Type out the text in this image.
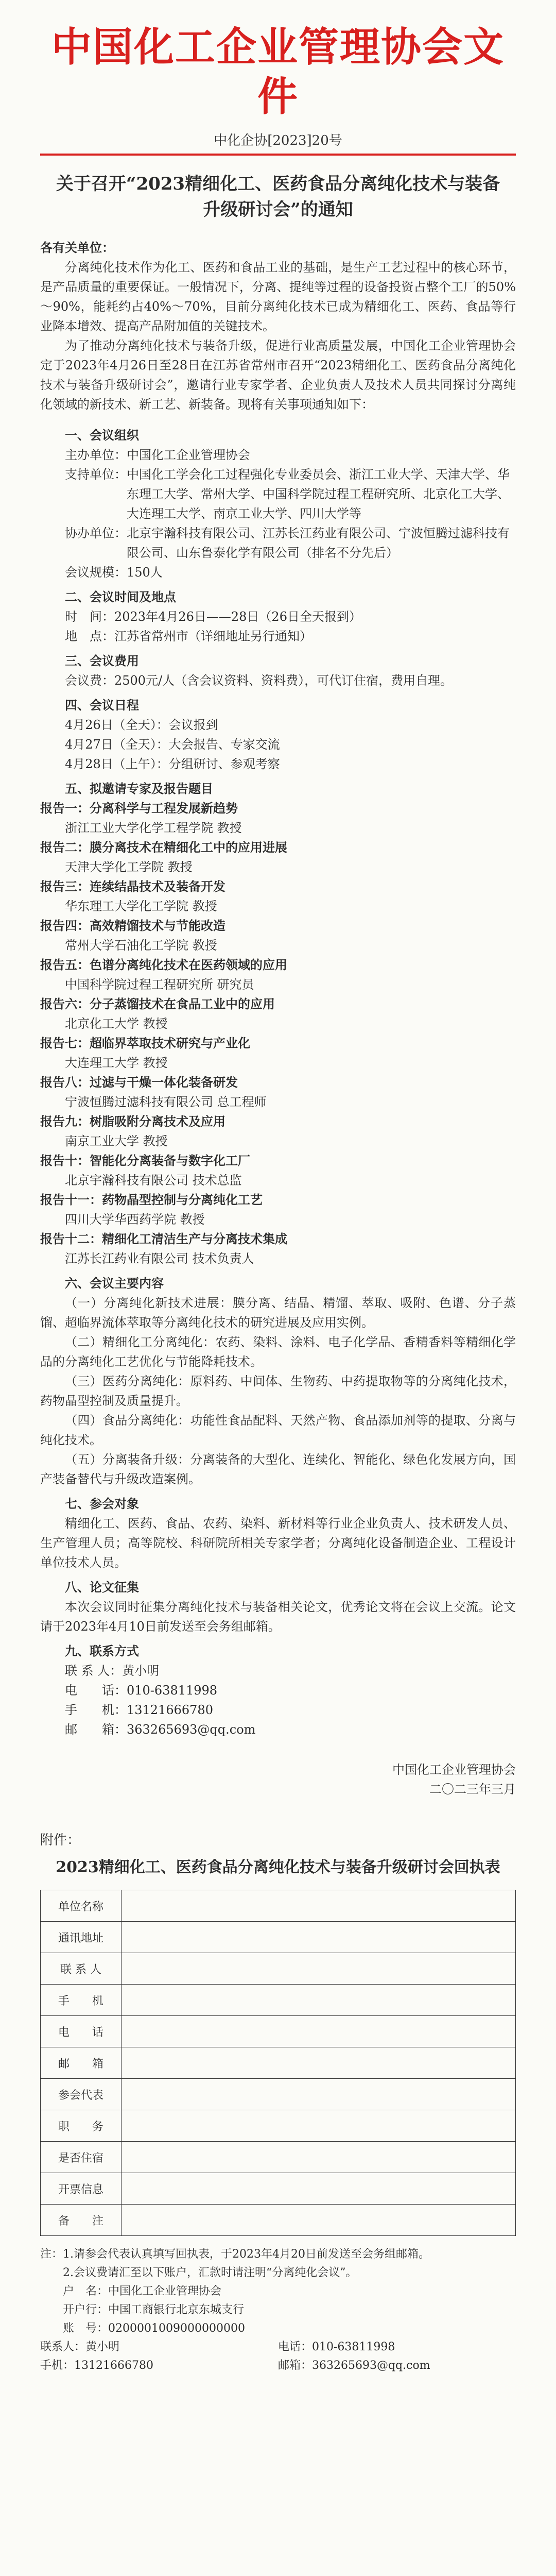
中国化工企业管理协会文件
中化企协[2023]20号
关于召开“2023精细化工、医药食品分离纯化技术与装备升级研讨会”的通知

各有关单位：

分离纯化技术作为化工、医药和食品工业的基础，是生产工艺过程中的核心环节，是产品质量的重要保证。一般情况下，分离、提纯等过程的设备投资占整个工厂的50%～90%，能耗约占40%～70%，目前分离纯化技术已成为精细化工、医药、食品等行业降本增效、提高产品附加值的关键技术。

为了推动分离纯化技术与装备升级，促进行业高质量发展，中国化工企业管理协会定于2023年4月26日至28日在江苏省常州市召开“2023精细化工、医药食品分离纯化技术与装备升级研讨会”，邀请行业专家学者、企业负责人及技术人员共同探讨分离纯化领域的新技术、新工艺、新装备。现将有关事项通知如下：

一、会议组织

主办单位： 中国化工企业管理协会
支持单位： 中国化工学会化工过程强化专业委员会、浙江工业大学、天津大学、华东理工大学、常州大学、中国科学院过程工程研究所、北京化工大学、大连理工大学、南京工业大学、四川大学等
协办单位： 北京宇瀚科技有限公司、江苏长江药业有限公司、宁波恒腾过滤科技有限公司、山东鲁泰化学有限公司（排名不分先后）
会议规模： 150人

二、会议时间及地点

时　间： 2023年4月26日——28日（26日全天报到）
地　点： 江苏省常州市（详细地址另行通知）

三、会议费用

会议费：2500元/人（含会议资料、资料费），可代订住宿，费用自理。

四、会议日程

4月26日（全天）：会议报到
4月27日（全天）：大会报告、专家交流
4月28日（上午）：分组研讨、参观考察

五、拟邀请专家及报告题目

报告一：分离科学与工程发展新趋势
浙江工业大学化学工程学院 教授
报告二：膜分离技术在精细化工中的应用进展
天津大学化工学院 教授
报告三：连续结晶技术及装备开发
华东理工大学化工学院 教授
报告四：高效精馏技术与节能改造
常州大学石油化工学院 教授
报告五：色谱分离纯化技术在医药领域的应用
中国科学院过程工程研究所 研究员
报告六：分子蒸馏技术在食品工业中的应用
北京化工大学 教授
报告七：超临界萃取技术研究与产业化
大连理工大学 教授
报告八：过滤与干燥一体化装备研发
宁波恒腾过滤科技有限公司 总工程师
报告九：树脂吸附分离技术及应用
南京工业大学 教授
报告十：智能化分离装备与数字化工厂
北京宇瀚科技有限公司 技术总监
报告十一：药物晶型控制与分离纯化工艺
四川大学华西药学院 教授
报告十二：精细化工清洁生产与分离技术集成
江苏长江药业有限公司 技术负责人

六、会议主要内容

（一）分离纯化新技术进展：膜分离、结晶、精馏、萃取、吸附、色谱、分子蒸馏、超临界流体萃取等分离纯化技术的研究进展及应用实例。

（二）精细化工分离纯化：农药、染料、涂料、电子化学品、香精香料等精细化学品的分离纯化工艺优化与节能降耗技术。

（三）医药分离纯化：原料药、中间体、生物药、中药提取物等的分离纯化技术，药物晶型控制及质量提升。

（四）食品分离纯化：功能性食品配料、天然产物、食品添加剂等的提取、分离与纯化技术。

（五）分离装备升级：分离装备的大型化、连续化、智能化、绿色化发展方向，国产装备替代与升级改造案例。

七、参会对象

精细化工、医药、食品、农药、染料、新材料等行业企业负责人、技术研发人员、生产管理人员；高等院校、科研院所相关专家学者；分离纯化设备制造企业、工程设计单位技术人员。

八、论文征集

本次会议同时征集分离纯化技术与装备相关论文，优秀论文将在会议上交流。论文请于2023年4月10日前发送至会务组邮箱。

九、联系方式

联 系 人： 黄小明
电　　话： 010-63811998
手　　机： 13121666780
邮　　箱： 363265693@qq.com
中国化工企业管理协会
二〇二三年三月
附件：
2023精细化工、医药食品分离纯化技术与装备升级研讨会回执表
单位名称	
通讯地址	
联 系 人	
手　　机	
电　　话	
邮　　箱	
参会代表	
职　　务	
是否住宿	
开票信息	
备　　注	
注：1.请参会代表认真填写回执表，于2023年4月20日前发送至会务组邮箱。
2.会议费请汇至以下账户，汇款时请注明“分离纯化会议”。
户　名：中国化工企业管理协会
开户行：中国工商银行北京东城支行
账　号：0200001009000000000
联系人：黄小明	电话：010-63811998
手机：13121666780	邮箱：363265693@qq.com
